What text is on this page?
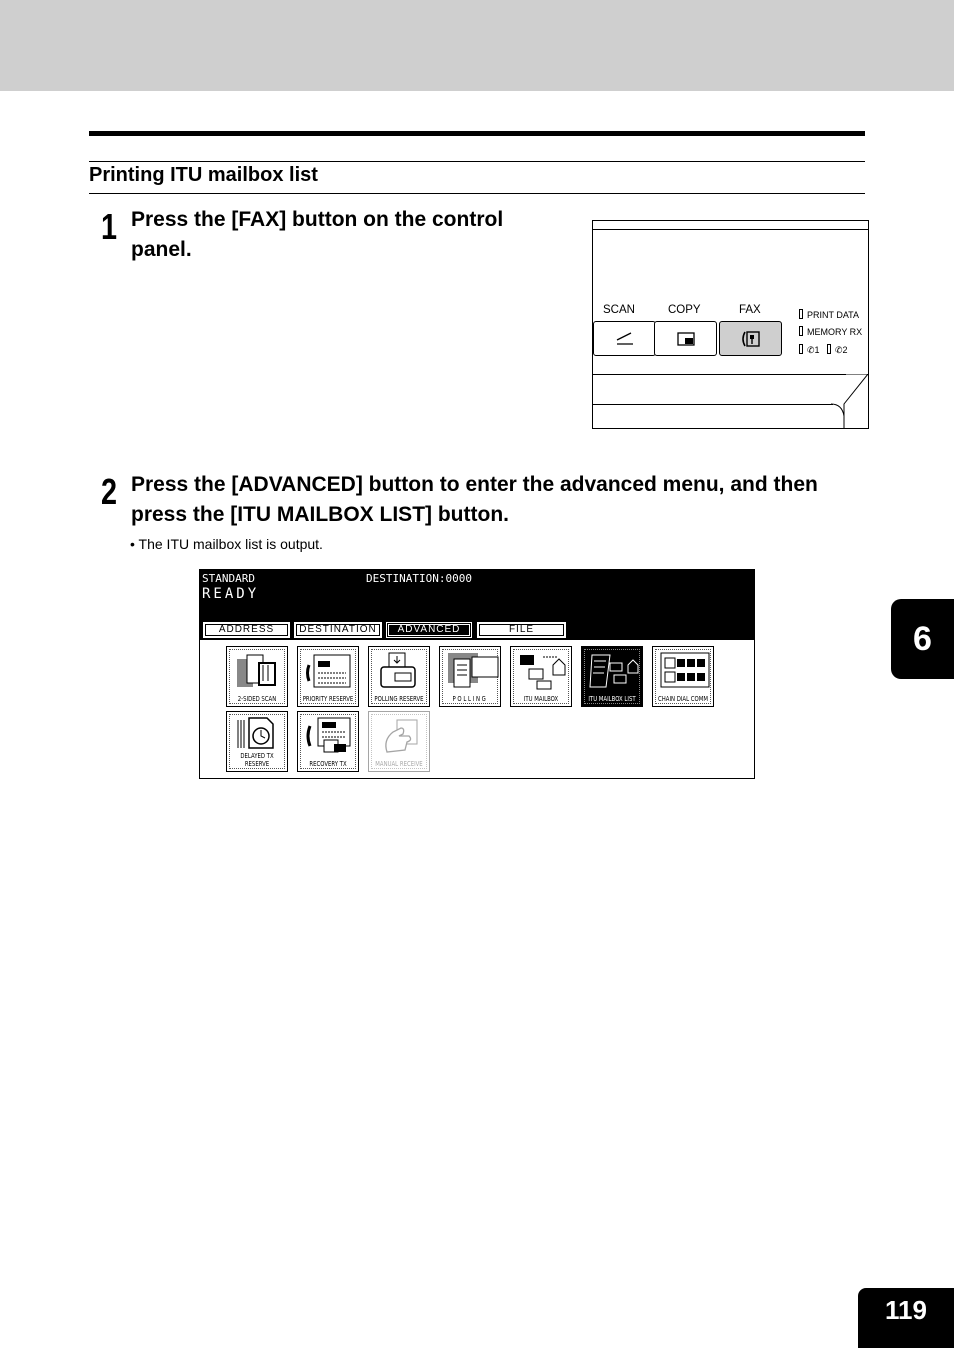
Printing ITU mailbox list
1 Press the [FAX] button on the control
panel.
SCAN	COPY	FAX	PRINT DATA
MEMORY RX
✆1 ✆2
2 Press the [ADVANCED] button to enter the advanced menu, and then
press the [ITU MAILBOX LIST] button.
• The ITU mailbox list is output.
STANDARD	DESTINATION:0000
READY
ADDRESS	DESTINATION	ADVANCED	FILE
2-SIDED SCAN	PRIORITY RESERVE	POLLING RESERVE	POLLING	ITU MAILBOX	ITU MAILBOX LIST	CHAIN DIAL COMM
DELAYED TX
RESERVE	RECOVERY TX	MANUAL RECEIVE
6
119
